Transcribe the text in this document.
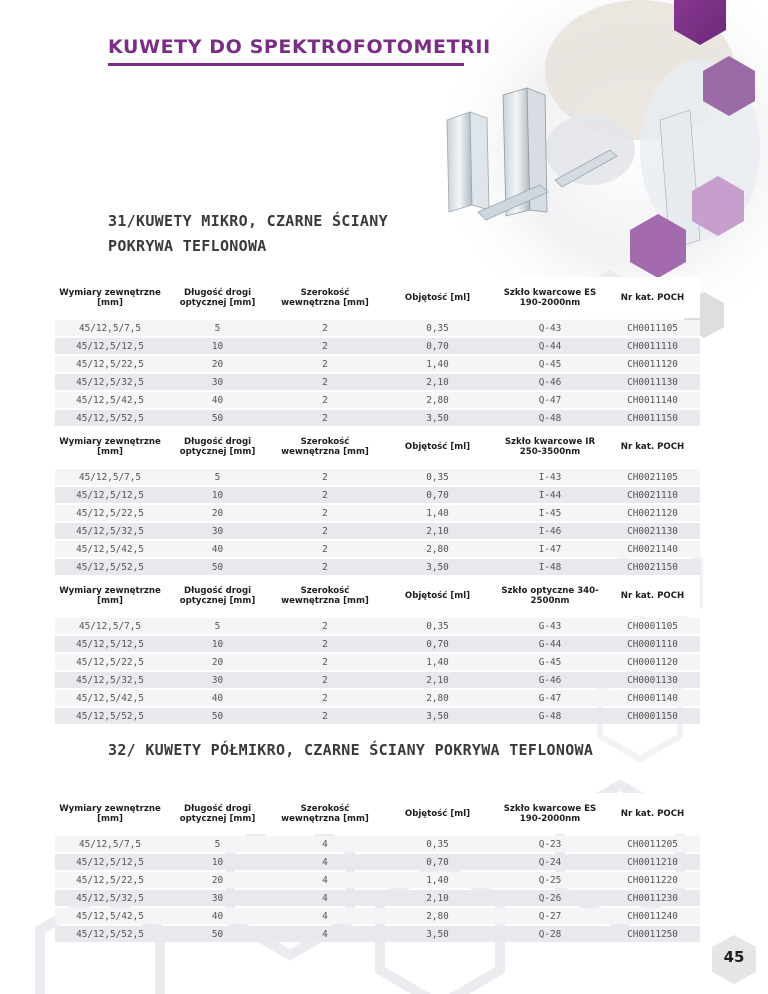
KUWETY DO SPEKTROFOTOMETRII
31/KUWETY MIKRO, CZARNE ŚCIANY
POKRYWA TEFLONOWA
Wymiary zewnętrzne [mm]	Długość drogi optycznej [mm]	Szerokość wewnętrzna [mm]	Objętość [ml]	Szkło kwarcowe ES 190-2000nm	Nr kat. POCH
45/12,5/7,5	5	2	0,35	Q-43	CH0011105
45/12,5/12,5	10	2	0,70	Q-44	CH0011110
45/12,5/22,5	20	2	1,40	Q-45	CH0011120
45/12,5/32,5	30	2	2,10	Q-46	CH0011130
45/12,5/42,5	40	2	2,80	Q-47	CH0011140
45/12,5/52,5	50	2	3,50	Q-48	CH0011150
Wymiary zewnętrzne [mm]	Długość drogi optycznej [mm]	Szerokość wewnętrzna [mm]	Objętość [ml]	Szkło kwarcowe IR 250-3500nm	Nr kat. POCH
45/12,5/7,5	5	2	0,35	I-43	CH0021105
45/12,5/12,5	10	2	0,70	I-44	CH0021110
45/12,5/22,5	20	2	1,40	I-45	CH0021120
45/12,5/32,5	30	2	2,10	I-46	CH0021130
45/12,5/42,5	40	2	2,80	I-47	CH0021140
45/12,5/52,5	50	2	3,50	I-48	CH0021150
Wymiary zewnętrzne [mm]	Długość drogi optycznej [mm]	Szerokość wewnętrzna [mm]	Objętość [ml]	Szkło optyczne 340-2500nm	Nr kat. POCH
45/12,5/7,5	5	2	0,35	G-43	CH0001105
45/12,5/12,5	10	2	0,70	G-44	CH0001110
45/12,5/22,5	20	2	1,40	G-45	CH0001120
45/12,5/32,5	30	2	2,10	G-46	CH0001130
45/12,5/42,5	40	2	2,80	G-47	CH0001140
45/12,5/52,5	50	2	3,50	G-48	CH0001150
32/ KUWETY PÓŁMIKRO, CZARNE ŚCIANY POKRYWA TEFLONOWA
Wymiary zewnętrzne [mm]	Długość drogi optycznej [mm]	Szerokość wewnętrzna [mm]	Objętość [ml]	Szkło kwarcowe ES 190-2000nm	Nr kat. POCH
45/12,5/7,5	5	4	0,35	Q-23	CH0011205
45/12,5/12,5	10	4	0,70	Q-24	CH0011210
45/12,5/22,5	20	4	1,40	Q-25	CH0011220
45/12,5/32,5	30	4	2,10	Q-26	CH0011230
45/12,5/42,5	40	4	2,80	Q-27	CH0011240
45/12,5/52,5	50	4	3,50	Q-28	CH0011250
45
